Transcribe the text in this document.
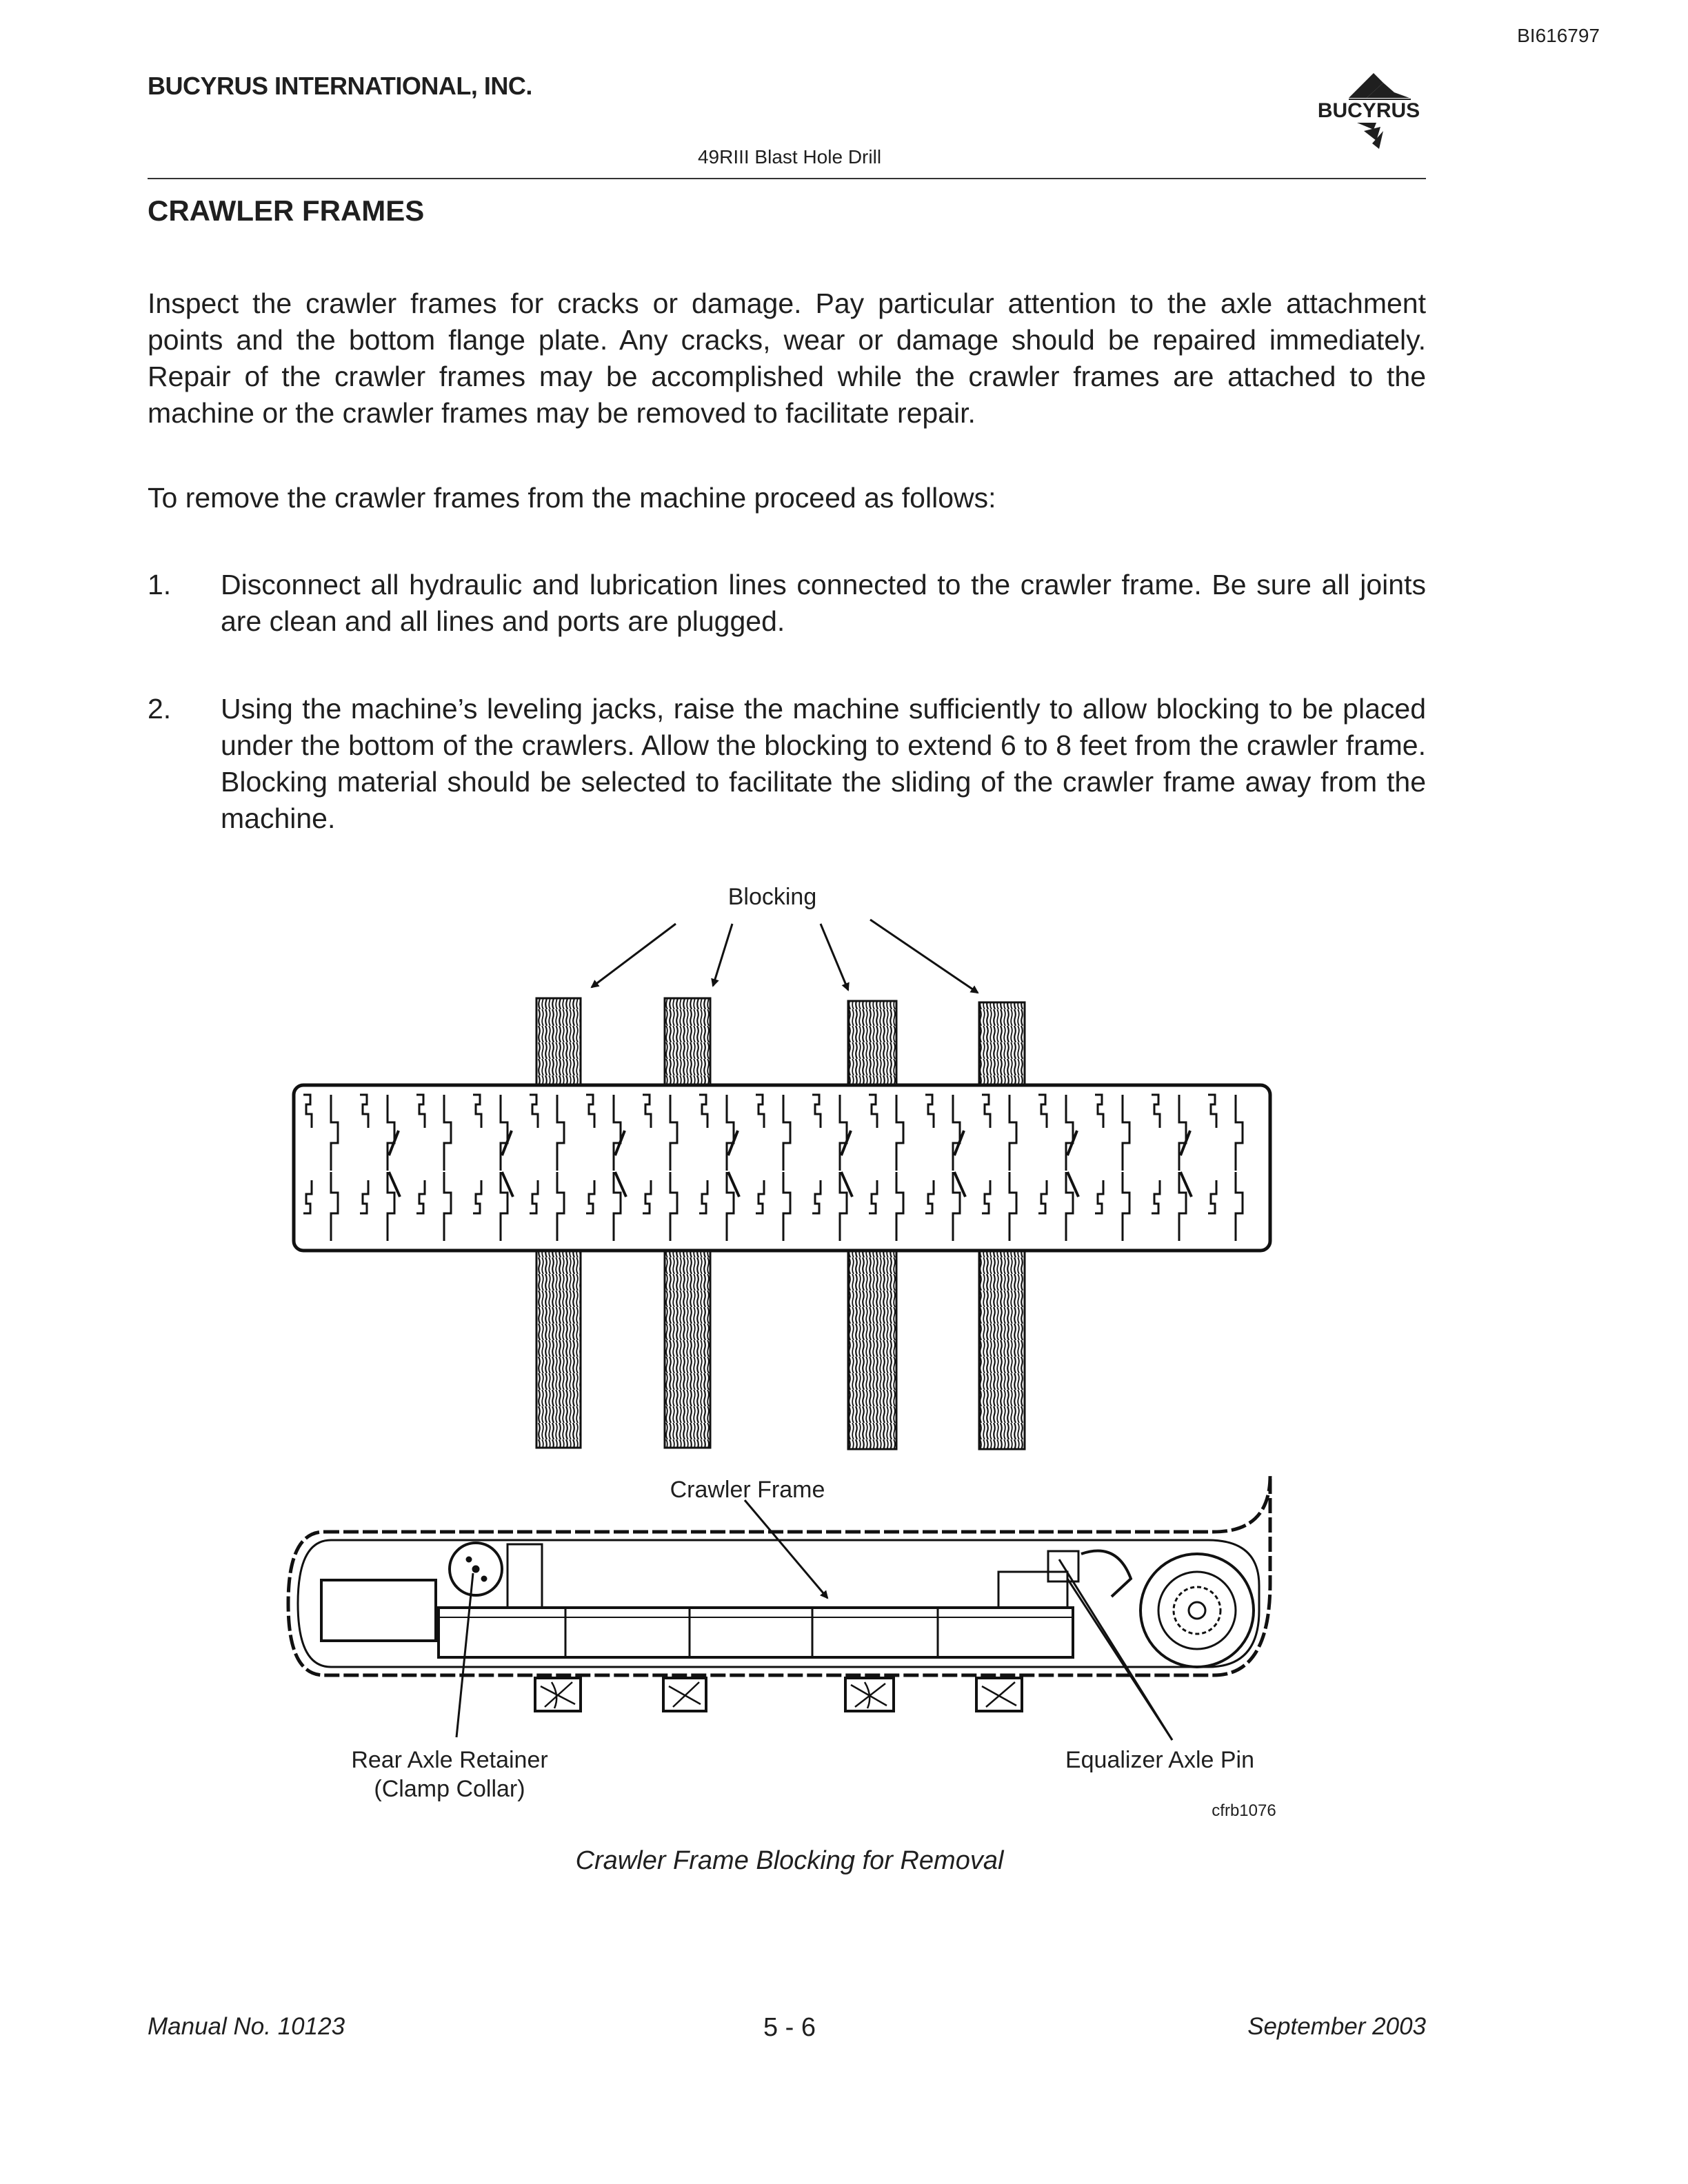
BI616797
BUCYRUS INTERNATIONAL, INC.
BUCYRUS
49RIII Blast Hole Drill
CRAWLER FRAMES
Inspect the crawler frames for cracks or damage. Pay particular attention to the axle attachment points and the bottom flange plate. Any cracks, wear or damage should be repaired immediately. Repair of the crawler frames may be accomplished while the crawler frames are attached to the machine or the crawler frames may be removed to facilitate repair.
To remove the crawler frames from the machine proceed as follows:
1. Disconnect all hydraulic and lubrication lines connected to the crawler frame. Be sure all joints are clean and all lines and ports are plugged.
2. Using the machine’s leveling jacks, raise the machine sufficiently to allow blocking to be placed under the bottom of the crawlers. Allow the blocking to extend 6 to 8 feet from the crawler frame. Blocking material should be selected to facilitate the sliding of the crawler frame away from the machine.
Blocking
Crawler Frame
Rear Axle Retainer
(Clamp Collar)
Equalizer Axle Pin
cfrb1076
Crawler Frame Blocking for Removal
Manual No. 10123	5 - 6	September 2003
